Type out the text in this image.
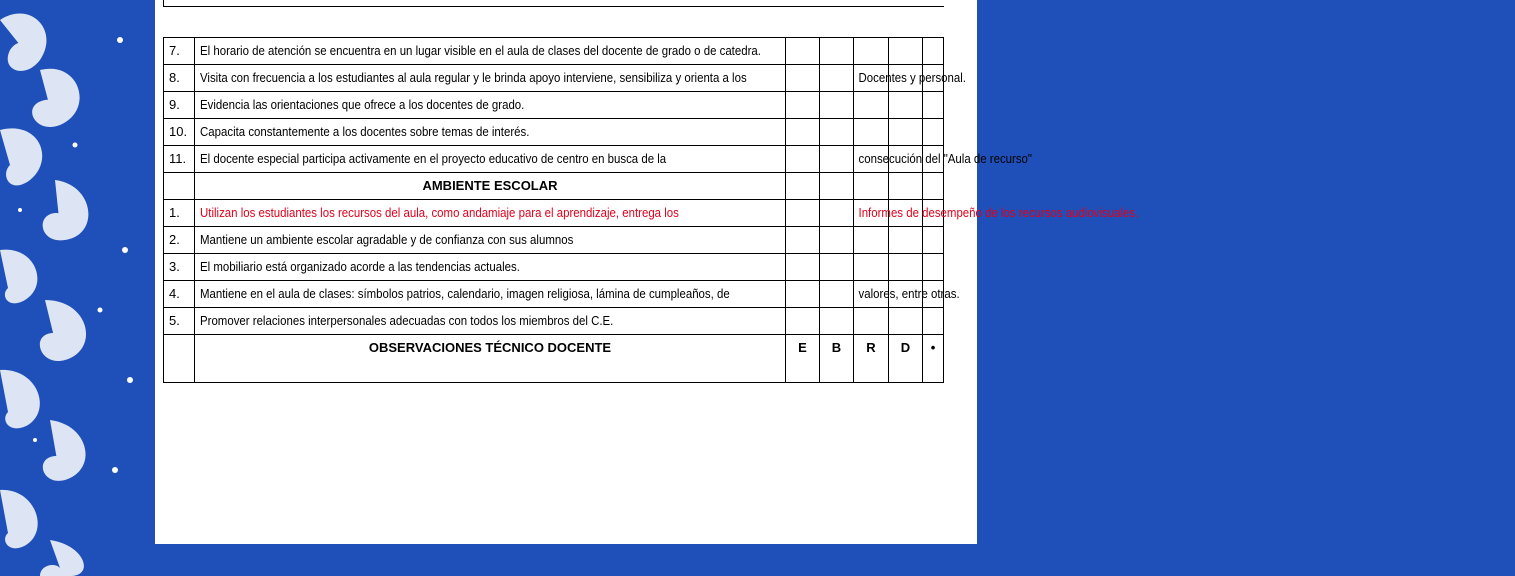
7.	El horario de atención se encuentra en un lugar visible en el aula de clases del docente de grado o de catedra.					
8.	Visita con frecuencia a los estudiantes al aula regular y le brinda apoyo interviene, sensibiliza y orienta a los Docentes y personal.					
9.	Evidencia las orientaciones que ofrece a los docentes de grado.					
10.	Capacita constantemente a los docentes sobre temas de interés.					
11.	El docente especial participa activamente en el proyecto educativo de centro en busca de la consecución del "Aula de recurso"					
	AMBIENTE ESCOLAR					
1.	Utilizan los estudiantes los recursos del aula, como andamiaje para el aprendizaje, entrega los Informes de desempeño de los recursos audiovisuales.					
2.	Mantiene un ambiente escolar agradable y de confianza con sus alumnos					
3.	El mobiliario está organizado acorde a las tendencias actuales.					
4.	Mantiene en el aula de clases: símbolos patrios, calendario, imagen religiosa, lámina de cumpleaños, de valores, entre otras.					
5.	Promover relaciones interpersonales adecuadas con todos los miembros del C.E.					
	OBSERVACIONES TÉCNICO DOCENTE	E	B	R	D	•
